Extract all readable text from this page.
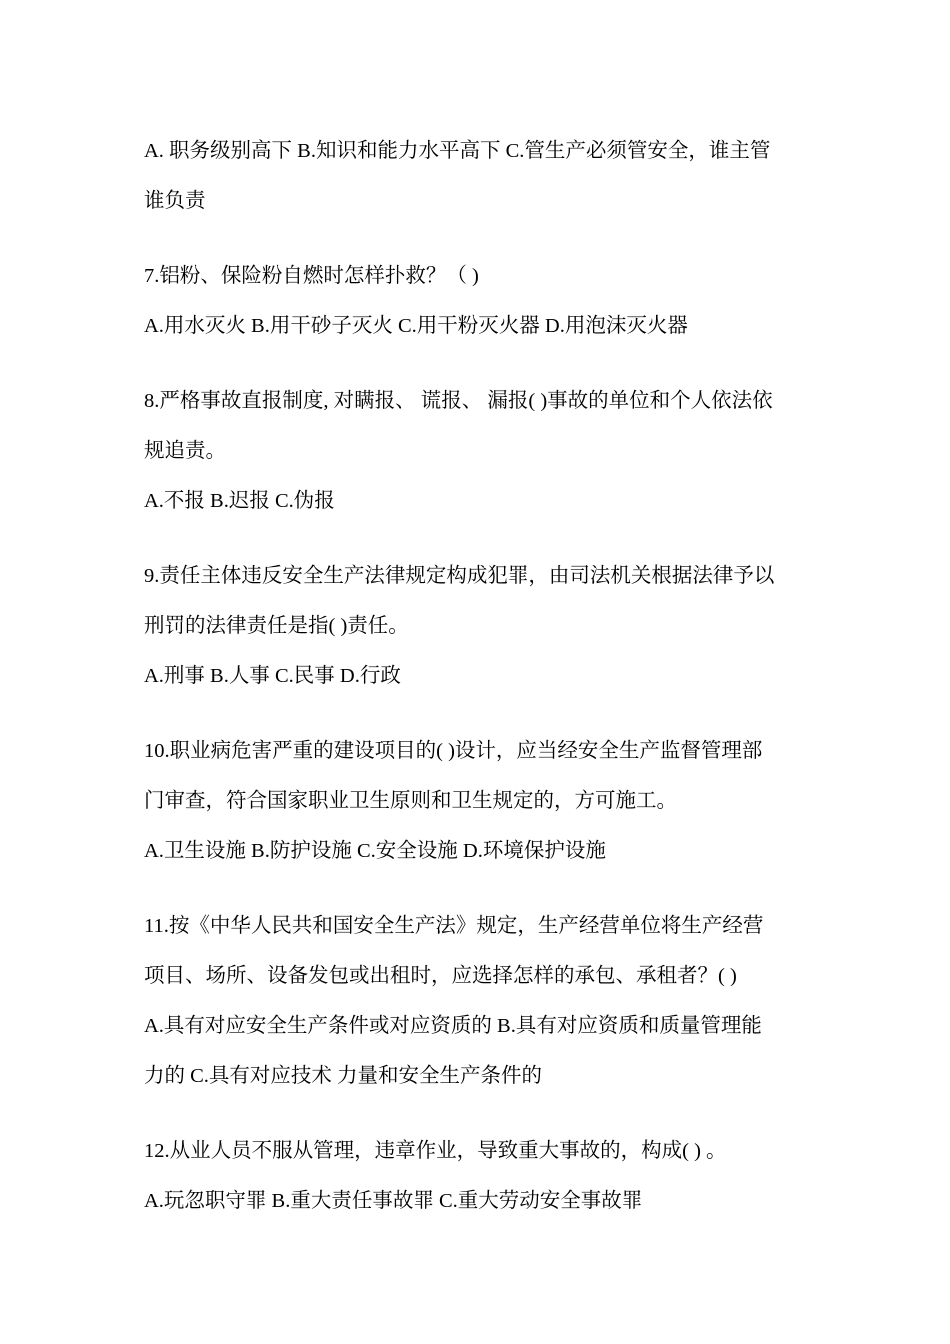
A. 职务级别高下 B.知识和能力水平高下 C.管生产必须管安全，谁主管
谁负责
7.铝粉、保险粉自燃时怎样扑救？（ )
A.用水灭火 B.用干砂子灭火 C.用干粉灭火器 D.用泡沫灭火器
8.严格事故直报制度, 对瞒报、 谎报、 漏报( )事故的单位和个人依法依
规追责。
A.不报 B.迟报 C.伪报
9.责任主体违反安全生产法律规定构成犯罪，由司法机关根据法律予以
刑罚的法律责任是指( )责任。
A.刑事 B.人事 C.民事 D.行政
10.职业病危害严重的建设项目的( )设计，应当经安全生产监督管理部
门审查，符合国家职业卫生原则和卫生规定的，方可施工。
A.卫生设施 B.防护设施 C.安全设施 D.环境保护设施
11.按《中华人民共和国安全生产法》规定，生产经营单位将生产经营
项目、场所、设备发包或出租时，应选择怎样的承包、承租者？( )
A.具有对应安全生产条件或对应资质的 B.具有对应资质和质量管理能
力的 C.具有对应技术 力量和安全生产条件的
12.从业人员不服从管理，违章作业，导致重大事故的，构成( ) 。
A.玩忽职守罪 B.重大责任事故罪 C.重大劳动安全事故罪
